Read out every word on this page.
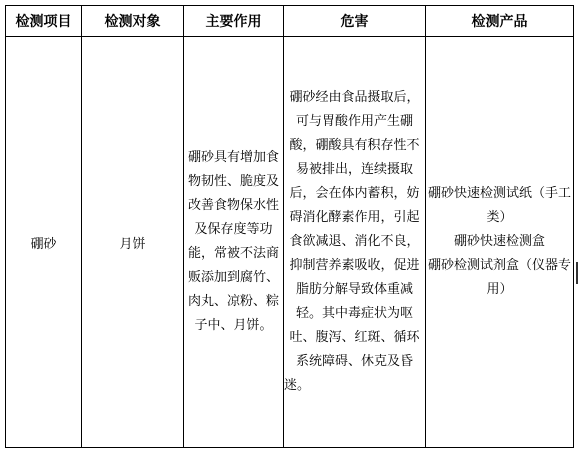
检测项目	检测对象	主要作用	危害	检测产品
硼砂	月饼	硼砂具有增加食物韧性、脆度及改善食物保水性及保存度等功能，常被不法商贩添加到腐竹、肉丸、凉粉、粽子中、月饼。	硼砂经由食品摄取后，可与胃酸作用产生硼酸，硼酸具有积存性不易被排出，连续摄取后，会在体内蓄积，妨碍消化酵素作用，引起食欲减退、消化不良，抑制营养素吸收，促进脂肪分解导致体重减轻。其中毒症状为呕吐、腹泻、红斑、循环系统障碍、休克及昏迷。	硼砂快速检测试纸（手工类）
硼砂快速检测盒
硼砂检测试剂盒（仪器专用）
